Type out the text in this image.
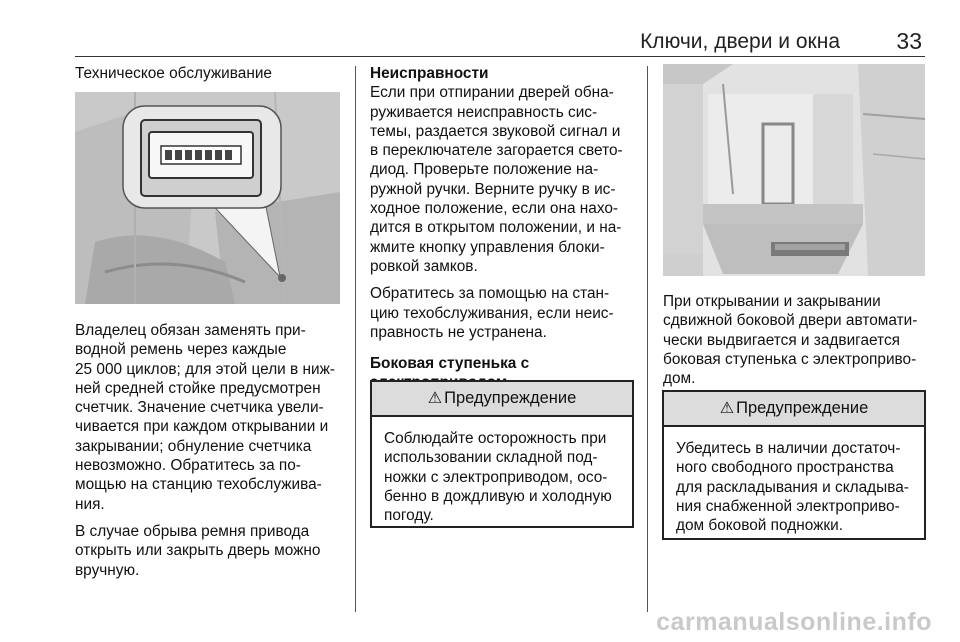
Ключи, двери и окна 33
Техническое обслуживание

Владелец обязан заменять при-
водной ремень через каждые
25 000 циклов; для этой цели в ниж-
ней средней стойке предусмотрен
счетчик. Значение счетчика увели-
чивается при каждом открывании и
закрывании; обнуление счетчика
невозможно. Обратитесь за по-
мощью на станцию техобслужива-
ния.

В случае обрыва ремня привода
открыть или закрыть дверь можно
вручную.

Неисправности

Если при отпирании дверей обна-
руживается неисправность сис-
темы, раздается звуковой сигнал и
в переключателе загорается свето-
диод. Проверьте положение на-
ружной ручки. Верните ручку в ис-
ходное положение, если она нахо-
дится в открытом положении, и на-
жмите кнопку управления блоки-
ровкой замков.

Обратитесь за помощью на стан-
цию техобслуживания, если неис-
правность не устранена.

Боковая ступенька с

⚠ Предупреждение
Соблюдайте осторожность при
использовании складной под-
ножки с электроприводом, осо-
бенно в дождливую и холодную
погоду.

При открывании и закрывании
сдвижной боковой двери автомати-
чески выдвигается и задвигается
боковая ступенька с электроприво-
дом.

⚠ Предупреждение
Убедитесь в наличии достаточ-
ного свободного пространства
для раскладывания и складыва-
ния снабженной электроприво-
дом боковой подножки.
carmanualsonline.info
